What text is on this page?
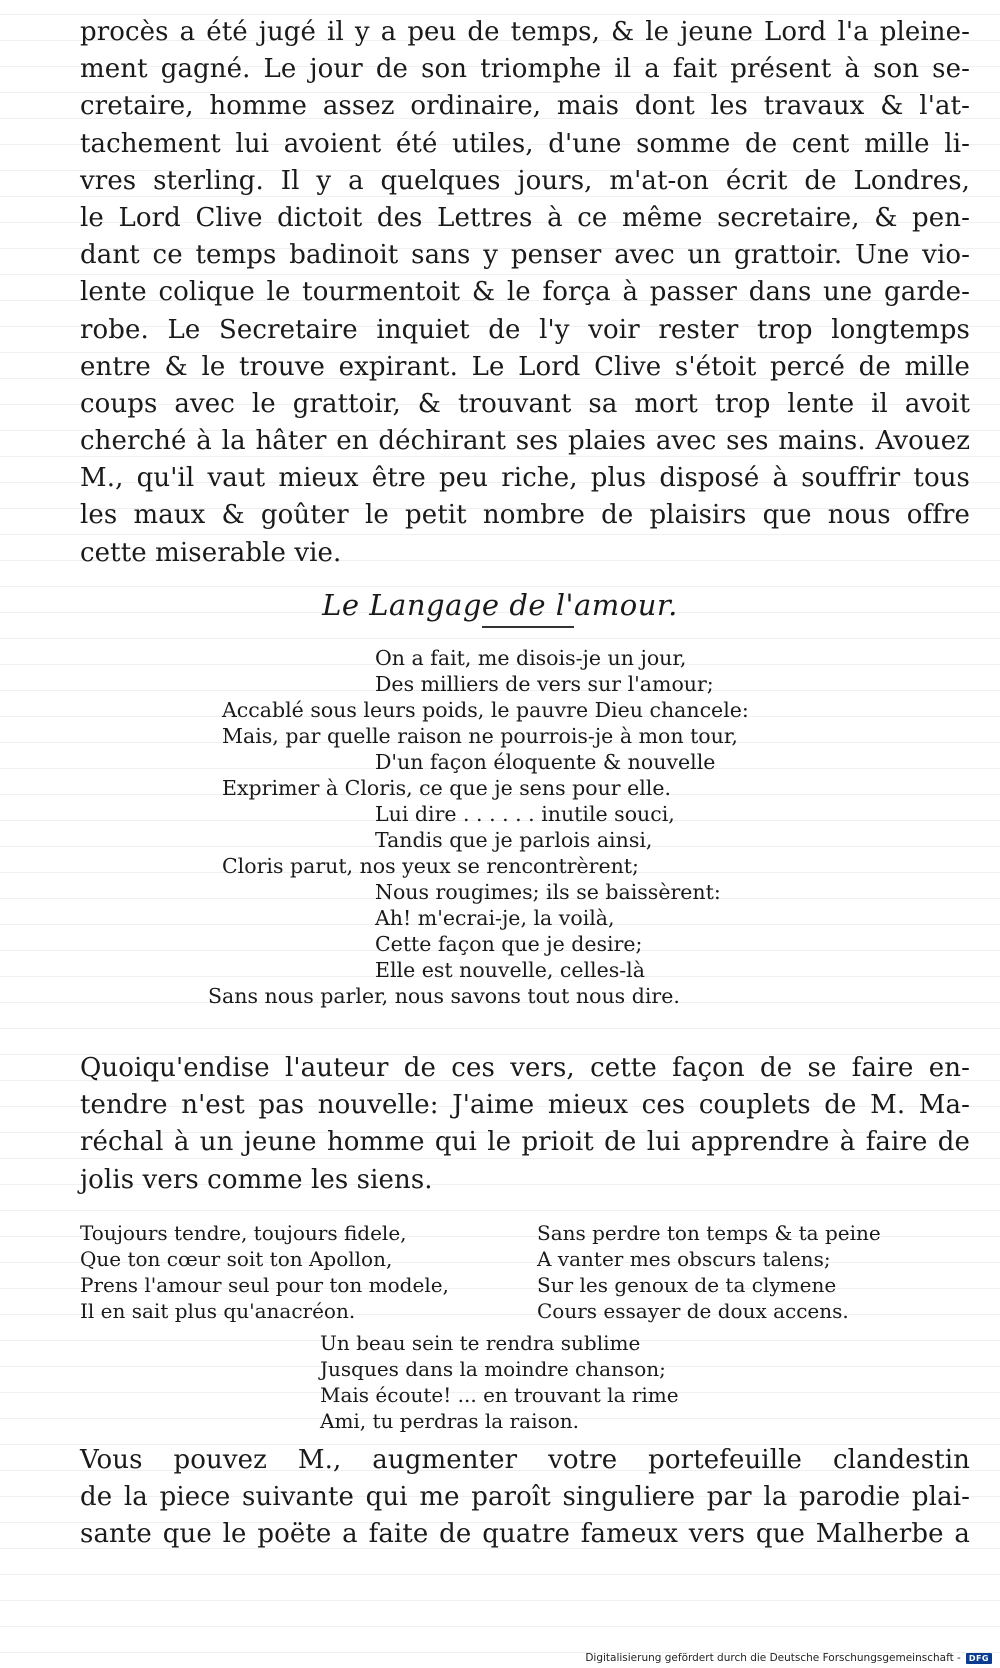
procès a été jugé il y a peu de temps, & le jeune Lord l'a pleine-
ment gagné. Le jour de son triomphe il a fait présent à son se-
cretaire, homme assez ordinaire, mais dont les travaux & l'at-
tachement lui avoient été utiles, d'une somme de cent mille li-
vres sterling. Il y a quelques jours, m'at-on écrit de Londres,
le Lord Clive dictoit des Lettres à ce même secretaire, & pen-
dant ce temps badinoit sans y penser avec un grattoir. Une vio-
lente colique le tourmentoit & le força à passer dans une garde-
robe. Le Secretaire inquiet de l'y voir rester trop longtemps
entre & le trouve expirant. Le Lord Clive s'étoit percé de mille
coups avec le grattoir, & trouvant sa mort trop lente il avoit
cherché à la hâter en déchirant ses plaies avec ses mains. Avouez
M., qu'il vaut mieux être peu riche, plus disposé à souffrir tous
les maux & goûter le petit nombre de plaisirs que nous offre
cette miserable vie.
Le Langage de l'amour.
On a fait, me disois-je un jour,
Des milliers de vers sur l'amour;
Accablé sous leurs poids, le pauvre Dieu chancele:
Mais, par quelle raison ne pourrois-je à mon tour,
D'un façon éloquente & nouvelle
Exprimer à Cloris, ce que je sens pour elle.
Lui dire . . . . . . inutile souci,
Tandis que je parlois ainsi,
Cloris parut, nos yeux se rencontrèrent;
Nous rougimes; ils se baissèrent:
Ah! m'ecrai-je, la voilà,
Cette façon que je desire;
Elle est nouvelle, celles-là
Sans nous parler, nous savons tout nous dire.
Quoiqu'endise l'auteur de ces vers, cette façon de se faire en-
tendre n'est pas nouvelle: J'aime mieux ces couplets de M. Ma-
réchal à un jeune homme qui le prioit de lui apprendre à faire de
jolis vers comme les siens.
Toujours tendre, toujours fidele,
Que ton cœur soit ton Apollon,
Prens l'amour seul pour ton modele,
Il en sait plus qu'anacréon.
Sans perdre ton temps & ta peine
A vanter mes obscurs talens;
Sur les genoux de ta clymene
Cours essayer de doux accens.
Un beau sein te rendra sublime
Jusques dans la moindre chanson;
Mais écoute! ... en trouvant la rime
Ami, tu perdras la raison.
Vous pouvez M., augmenter votre portefeuille clandestin
de la piece suivante qui me paroît singuliere par la parodie plai-
sante que le poëte a faite de quatre fameux vers que Malherbe a
Digitalisierung gefördert durch die Deutsche Forschungsgemeinschaft -	DFG
